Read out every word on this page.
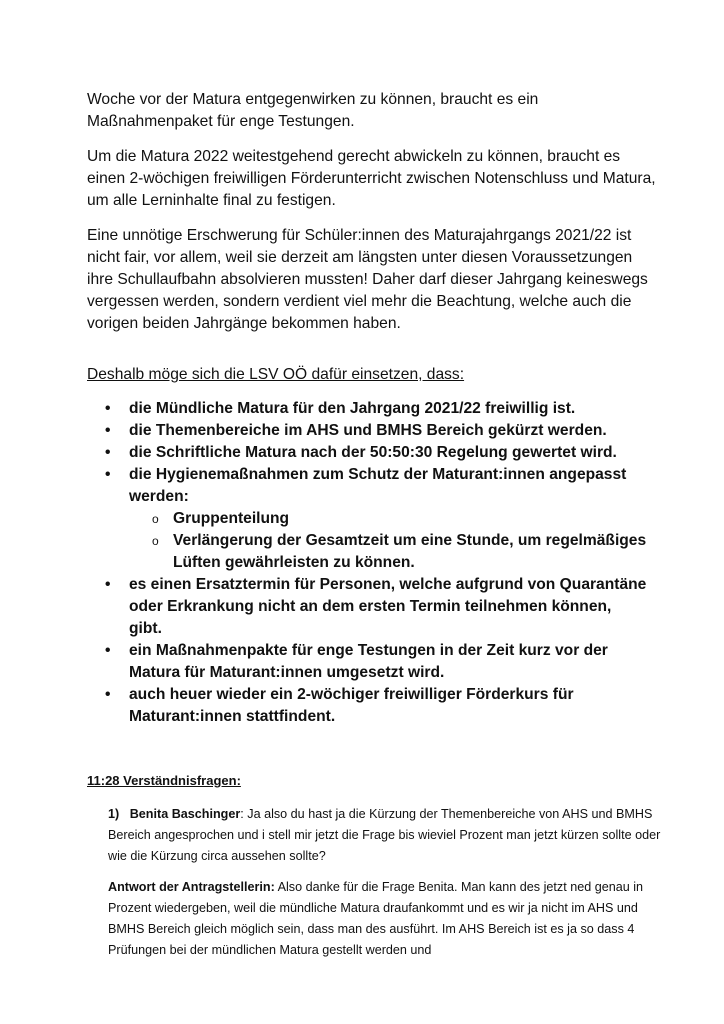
Woche vor der Matura entgegenwirken zu können, braucht es ein Maßnahmenpaket für enge Testungen.

Um die Matura 2022 weitestgehend gerecht abwickeln zu können, braucht es einen 2-wöchigen freiwilligen Förderunterricht zwischen Notenschluss und Matura, um alle Lerninhalte final zu festigen.

Eine unnötige Erschwerung für Schüler:innen des Maturajahrgangs 2021/22 ist nicht fair, vor allem, weil sie derzeit am längsten unter diesen Voraussetzungen ihre Schullaufbahn absolvieren mussten! Daher darf dieser Jahrgang keineswegs vergessen werden, sondern verdient viel mehr die Beachtung, welche auch die vorigen beiden Jahrgänge bekommen haben.

Deshalb möge sich die LSV OÖ dafür einsetzen, dass:

• die Mündliche Matura für den Jahrgang 2021/22 freiwillig ist.
• die Themenbereiche im AHS und BMHS Bereich gekürzt werden.
• die Schriftliche Matura nach der 50:50:30 Regelung gewertet wird.
• die Hygienemaßnahmen zum Schutz der Maturant:innen angepasst werden:
o Gruppenteilung
o Verlängerung der Gesamtzeit um eine Stunde, um regelmäßiges Lüften gewährleisten zu können.
• es einen Ersatztermin für Personen, welche aufgrund von Quarantäne oder Erkrankung nicht an dem ersten Termin teilnehmen können, gibt.
• ein Maßnahmenpakte für enge Testungen in der Zeit kurz vor der Matura für Maturant:innen umgesetzt wird.
• auch heuer wieder ein 2-wöchiger freiwilliger Förderkurs für Maturant:innen stattfindent.
11:28 Verständnisfragen:

1) Benita Baschinger: Ja also du hast ja die Kürzung der Themenbereiche von AHS und BMHS Bereich angesprochen und i stell mir jetzt die Frage bis wieviel Prozent man jetzt kürzen sollte oder wie die Kürzung circa aussehen sollte?

Antwort der Antragstellerin: Also danke für die Frage Benita. Man kann des jetzt ned genau in Prozent wiedergeben, weil die mündliche Matura draufankommt und es wir ja nicht im AHS und BMHS Bereich gleich möglich sein, dass man des ausführt. Im AHS Bereich ist es ja so dass 4 Prüfungen bei der mündlichen Matura gestellt werden und
